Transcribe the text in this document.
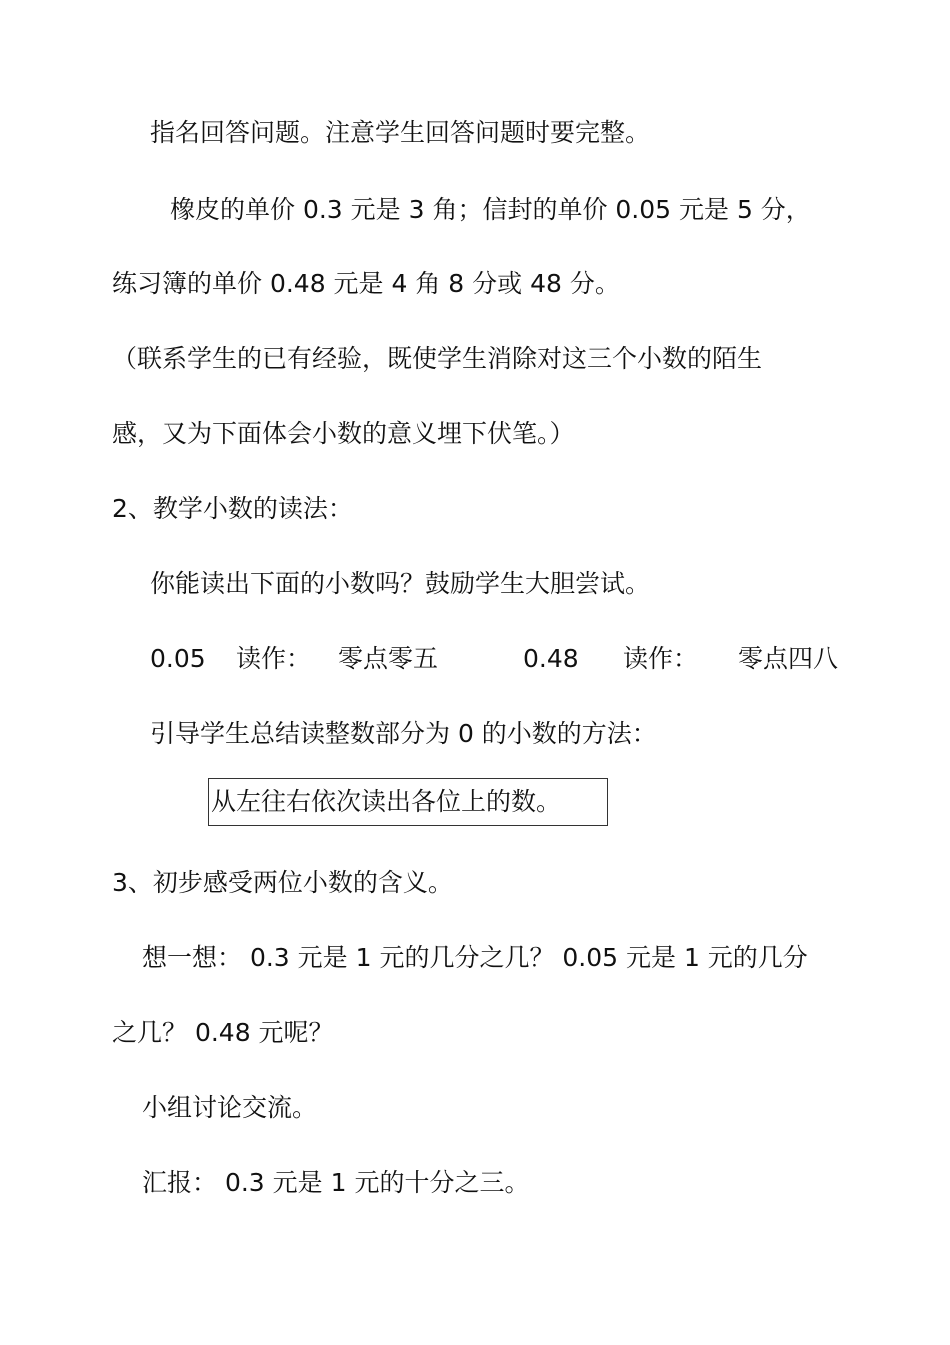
指名回答问题。注意学生回答问题时要完整。

橡皮的单价 0.3 元是 3 角；信封的单价 0.05 元是 5 分，

练习簿的单价 0.48 元是 4 角 8 分或 48 分。

（联系学生的已有经验，既使学生消除对这三个小数的陌生

感，又为下面体会小数的意义埋下伏笔。）

2、教学小数的读法：

你能读出下面的小数吗？鼓励学生大胆尝试。

0.05 读作： 零点零五	0.48 读作： 零点四八

引导学生总结读整数部分为 0 的小数的方法：

从左往右依次读出各位上的数。

3、初步感受两位小数的含义。

想一想： 0.3 元是 1 元的几分之几？ 0.05 元是 1 元的几分

之几？ 0.48 元呢？

小组讨论交流。

汇报： 0.3 元是 1 元的十分之三。
